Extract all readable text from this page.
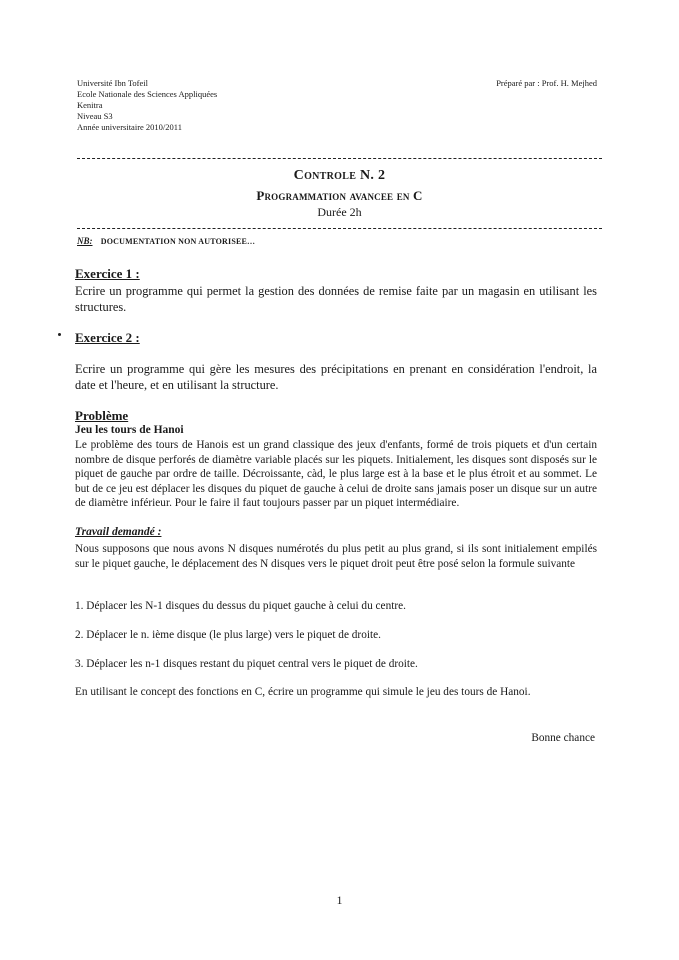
Université Ibn Tofeil
Ecole Nationale des Sciences Appliquées
Kenitra
Niveau S3
Année universitaire 2010/2011
Préparé par : Prof. H. Mejhed
Controle N. 2
Programmation avancee en C
Durée 2h
NB: DOCUMENTATION NON AUTORISEE…
Exercice 1 :
Ecrire un programme qui permet la gestion des données de remise faite par un magasin en utilisant les structures.
Exercice 2 :
Ecrire un programme qui gère les mesures des précipitations en prenant en considération l'endroit, la date et l'heure, et en utilisant la structure.
Problème
Jeu les tours de Hanoi
Le problème des tours de Hanois est un grand classique des jeux d'enfants, formé de trois piquets et d'un certain nombre de disque perforés de diamètre variable placés sur les piquets. Initialement, les disques sont disposés sur le piquet de gauche par ordre de taille. Décroissante, càd, le plus large est à la base et le plus étroit et au sommet. Le but de ce jeu est déplacer les disques du piquet de gauche à celui de droite sans jamais poser un disque sur un autre de diamètre inférieur. Pour le faire il faut toujours passer par un piquet intermédiaire.
Travail demandé :
Nous supposons que nous avons N disques numérotés du plus petit au plus grand, si ils sont initialement empilés sur le piquet gauche, le déplacement des N disques vers le piquet droit peut être posé selon la formule suivante
1. Déplacer les N-1 disques du dessus du piquet gauche à celui du centre.
2. Déplacer le n. ième disque (le plus large) vers le piquet de droite.
3. Déplacer les n-1 disques restant du piquet central vers le piquet de droite.
En utilisant le concept des fonctions en C, écrire un programme qui simule le jeu des tours de Hanoi.
Bonne chance
1
